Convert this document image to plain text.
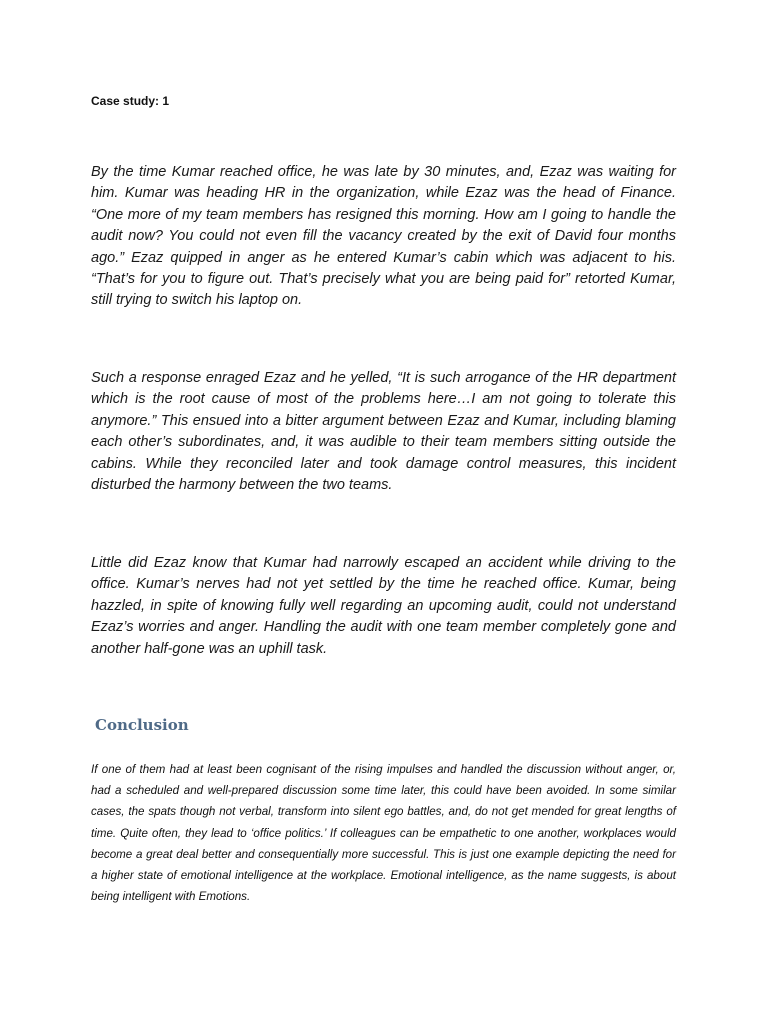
Case study: 1

By the time Kumar reached office, he was late by 30 minutes, and, Ezaz was waiting for him. Kumar was heading HR in the organization, while Ezaz was the head of Finance. “One more of my team members has resigned this morning. How am I going to handle the audit now? You could not even fill the vacancy created by the exit of David four months ago.” Ezaz quipped in anger as he entered Kumar’s cabin which was adjacent to his. “That’s for you to figure out. That’s precisely what you are being paid for” retorted Kumar, still trying to switch his laptop on.

Such a response enraged Ezaz and he yelled, “It is such arrogance of the HR department which is the root cause of most of the problems here…I am not going to tolerate this anymore.” This ensued into a bitter argument between Ezaz and Kumar, including blaming each other’s subordinates, and, it was audible to their team members sitting outside the cabins. While they reconciled later and took damage control measures, this incident disturbed the harmony between the two teams.

Little did Ezaz know that Kumar had narrowly escaped an accident while driving to the office. Kumar’s nerves had not yet settled by the time he reached office. Kumar, being hazzled, in spite of knowing fully well regarding an upcoming audit, could not understand Ezaz’s worries and anger. Handling the audit with one team member completely gone and another half-gone was an uphill task.

Conclusion

If one of them had at least been cognisant of the rising impulses and handled the discussion without anger, or, had a scheduled and well-prepared discussion some time later, this could have been avoided. In some similar cases, the spats though not verbal, transform into silent ego battles, and, do not get mended for great lengths of time. Quite often, they lead to ‘office politics.’ If colleagues can be empathetic to one another, workplaces would become a great deal better and consequentially more successful. This is just one example depicting the need for a higher state of emotional intelligence at the workplace. Emotional intelligence, as the name suggests, is about being intelligent with Emotions.
